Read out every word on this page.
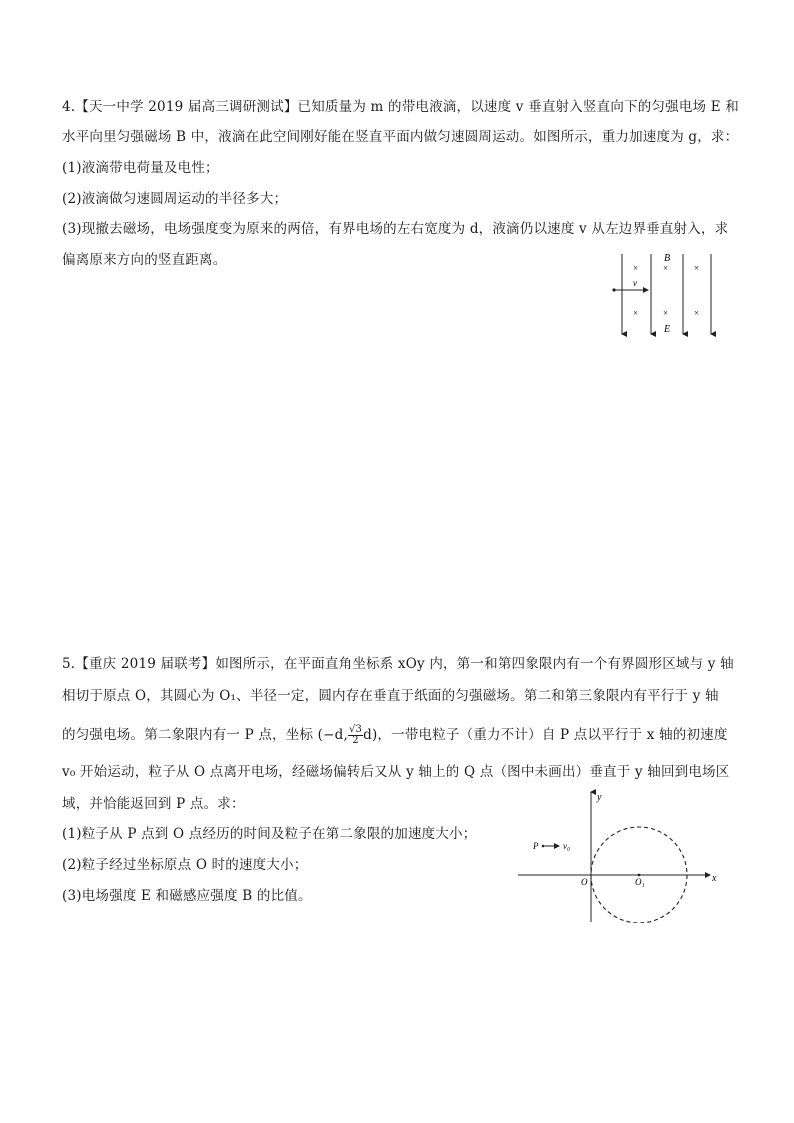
4.【天一中学 2019 届高三调研测试】已知质量为 m 的带电液滴，以速度 v 垂直射入竖直向下的匀强电场 E 和
水平向里匀强磁场 B 中，液滴在此空间刚好能在竖直平面内做匀速圆周运动。如图所示，重力加速度为 g，求：
(1)液滴带电荷量及电性；
(2)液滴做匀速圆周运动的半径多大；
(3)现撤去磁场，电场强度变为原来的两倍，有界电场的左右宽度为 d，液滴仍以速度 v 从左边界垂直射入，求
偏离原来方向的竖直距离。	×	×	×
×	×	×
B
E
v
5.【重庆 2019 届联考】如图所示，在平面直角坐标系 xOy 内，第一和第四象限内有一个有界圆形区域与 y 轴
相切于原点 O，其圆心为 O₁、半径一定，圆内存在垂直于纸面的匀强磁场。第二和第三象限内有平行于 y 轴
的匀强电场。第二象限内有一 P 点，坐标 (−d, $\frac{√3}{2} d$)，一带电粒子（重力不计）自 P 点以平行于 x 轴的初速度
v₀ 开始运动，粒子从 O 点离开电场，经磁场偏转后又从 y 轴上的 Q 点（图中未画出）垂直于 y 轴回到电场区
域，并恰能返回到 P 点。求：
(1)粒子从 P 点到 O 点经历的时间及粒子在第二象限的加速度大小；
(2)粒子经过坐标原点 O 时的速度大小；
(3)电场强度 E 和磁感应强度 B 的比值。
y
x
O	O₁
P	v₀
